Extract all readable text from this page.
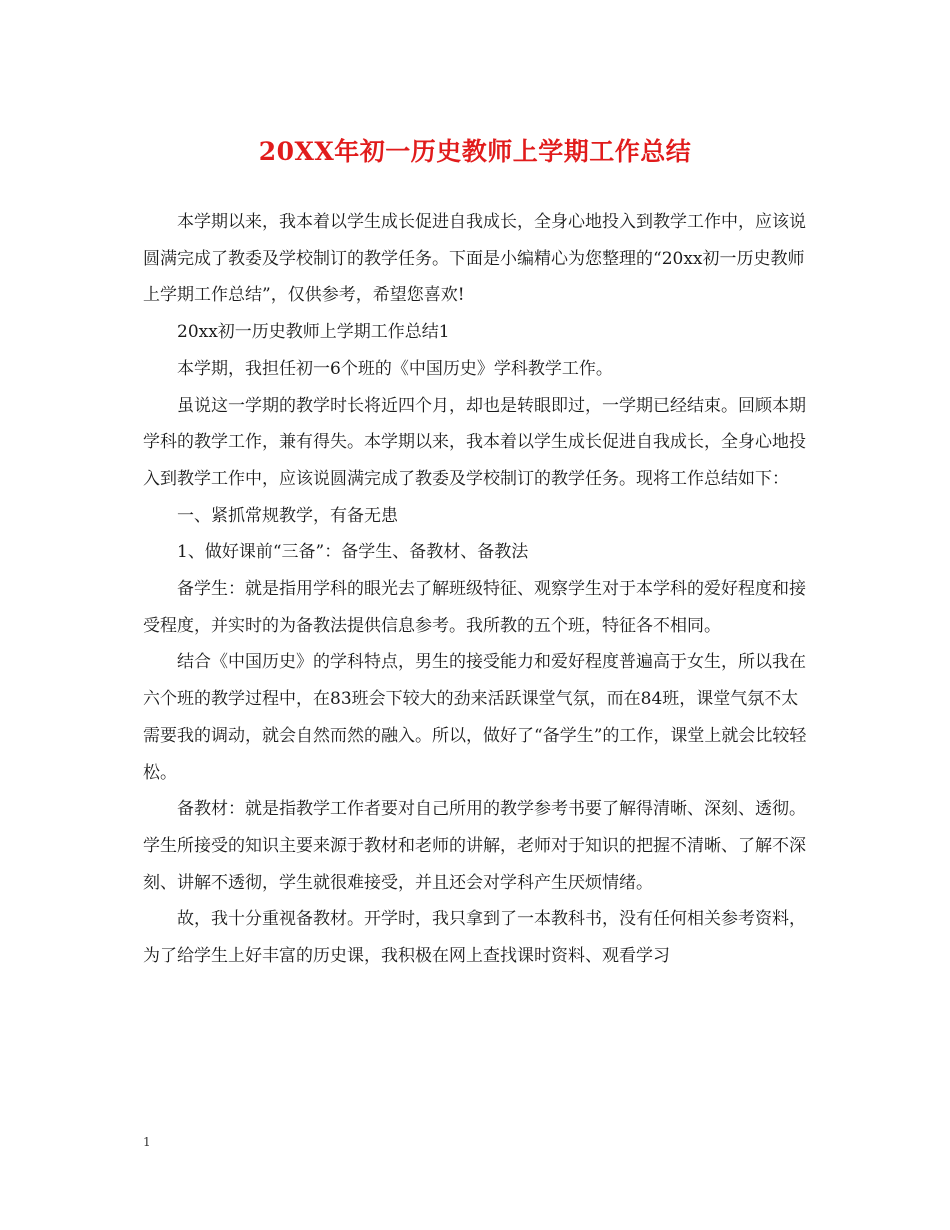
20XX年初一历史教师上学期工作总结

本学期以来，我本着以学生成长促进自我成长，全身心地投入到教学工作中，应该说圆满完成了教委及学校制订的教学任务。下面是小编精心为您整理的“20xx初一历史教师上学期工作总结”，仅供参考，希望您喜欢!

20xx初一历史教师上学期工作总结1

本学期，我担任初一6个班的《中国历史》学科教学工作。

虽说这一学期的教学时长将近四个月，却也是转眼即过，一学期已经结束。回顾本期学科的教学工作，兼有得失。本学期以来，我本着以学生成长促进自我成长，全身心地投入到教学工作中，应该说圆满完成了教委及学校制订的教学任务。现将工作总结如下：

一、紧抓常规教学，有备无患

1、做好课前“三备”：备学生、备教材、备教法

备学生：就是指用学科的眼光去了解班级特征、观察学生对于本学科的爱好程度和接受程度，并实时的为备教法提供信息参考。我所教的五个班，特征各不相同。

结合《中国历史》的学科特点，男生的接受能力和爱好程度普遍高于女生，所以我在六个班的教学过程中，在83班会下较大的劲来活跃课堂气氛，而在84班，课堂气氛不太需要我的调动，就会自然而然的融入。所以，做好了“备学生”的工作，课堂上就会比较轻松。

备教材：就是指教学工作者要对自己所用的教学参考书要了解得清晰、深刻、透彻。学生所接受的知识主要来源于教材和老师的讲解，老师对于知识的把握不清晰、了解不深刻、讲解不透彻，学生就很难接受，并且还会对学科产生厌烦情绪。

故，我十分重视备教材。开学时，我只拿到了一本教科书，没有任何相关参考资料，为了给学生上好丰富的历史课，我积极在网上查找课时资料、观看学习

1
